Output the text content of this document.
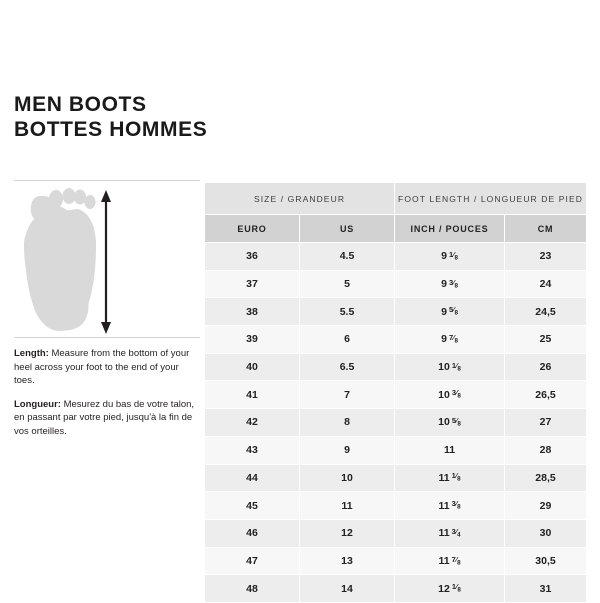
MEN BOOTS
BOTTES HOMMES
Length: Measure from the bottom of your heel across your foot to the end of your toes.
Longueur: Mesurez du bas de votre talon, en passant par votre pied, jusqu'à la fin de vos orteilles.
SIZE / GRANDEUR		FOOT LENGTH / LONGUEUR DE PIED	
EURO	US	INCH / POUCES	CM
36	4.5	9 $1⁄_8$	23
37	5	9 $3⁄_8$	24
38	5.5	9 $5⁄_8$	24,5
39	6	9 $7⁄_8$	25
40	6.5	10 $1⁄_8$	26
41	7	10 $3⁄_8$	26,5
42	8	10 $5⁄_8$	27
43	9	11	28
44	10	11 $1⁄_8$	28,5
45	11	11 $3⁄_8$	29
46	12	11 $3⁄_4$	30
47	13	11 $7⁄_8$	30,5
48	14	12 $1⁄_8$	31
